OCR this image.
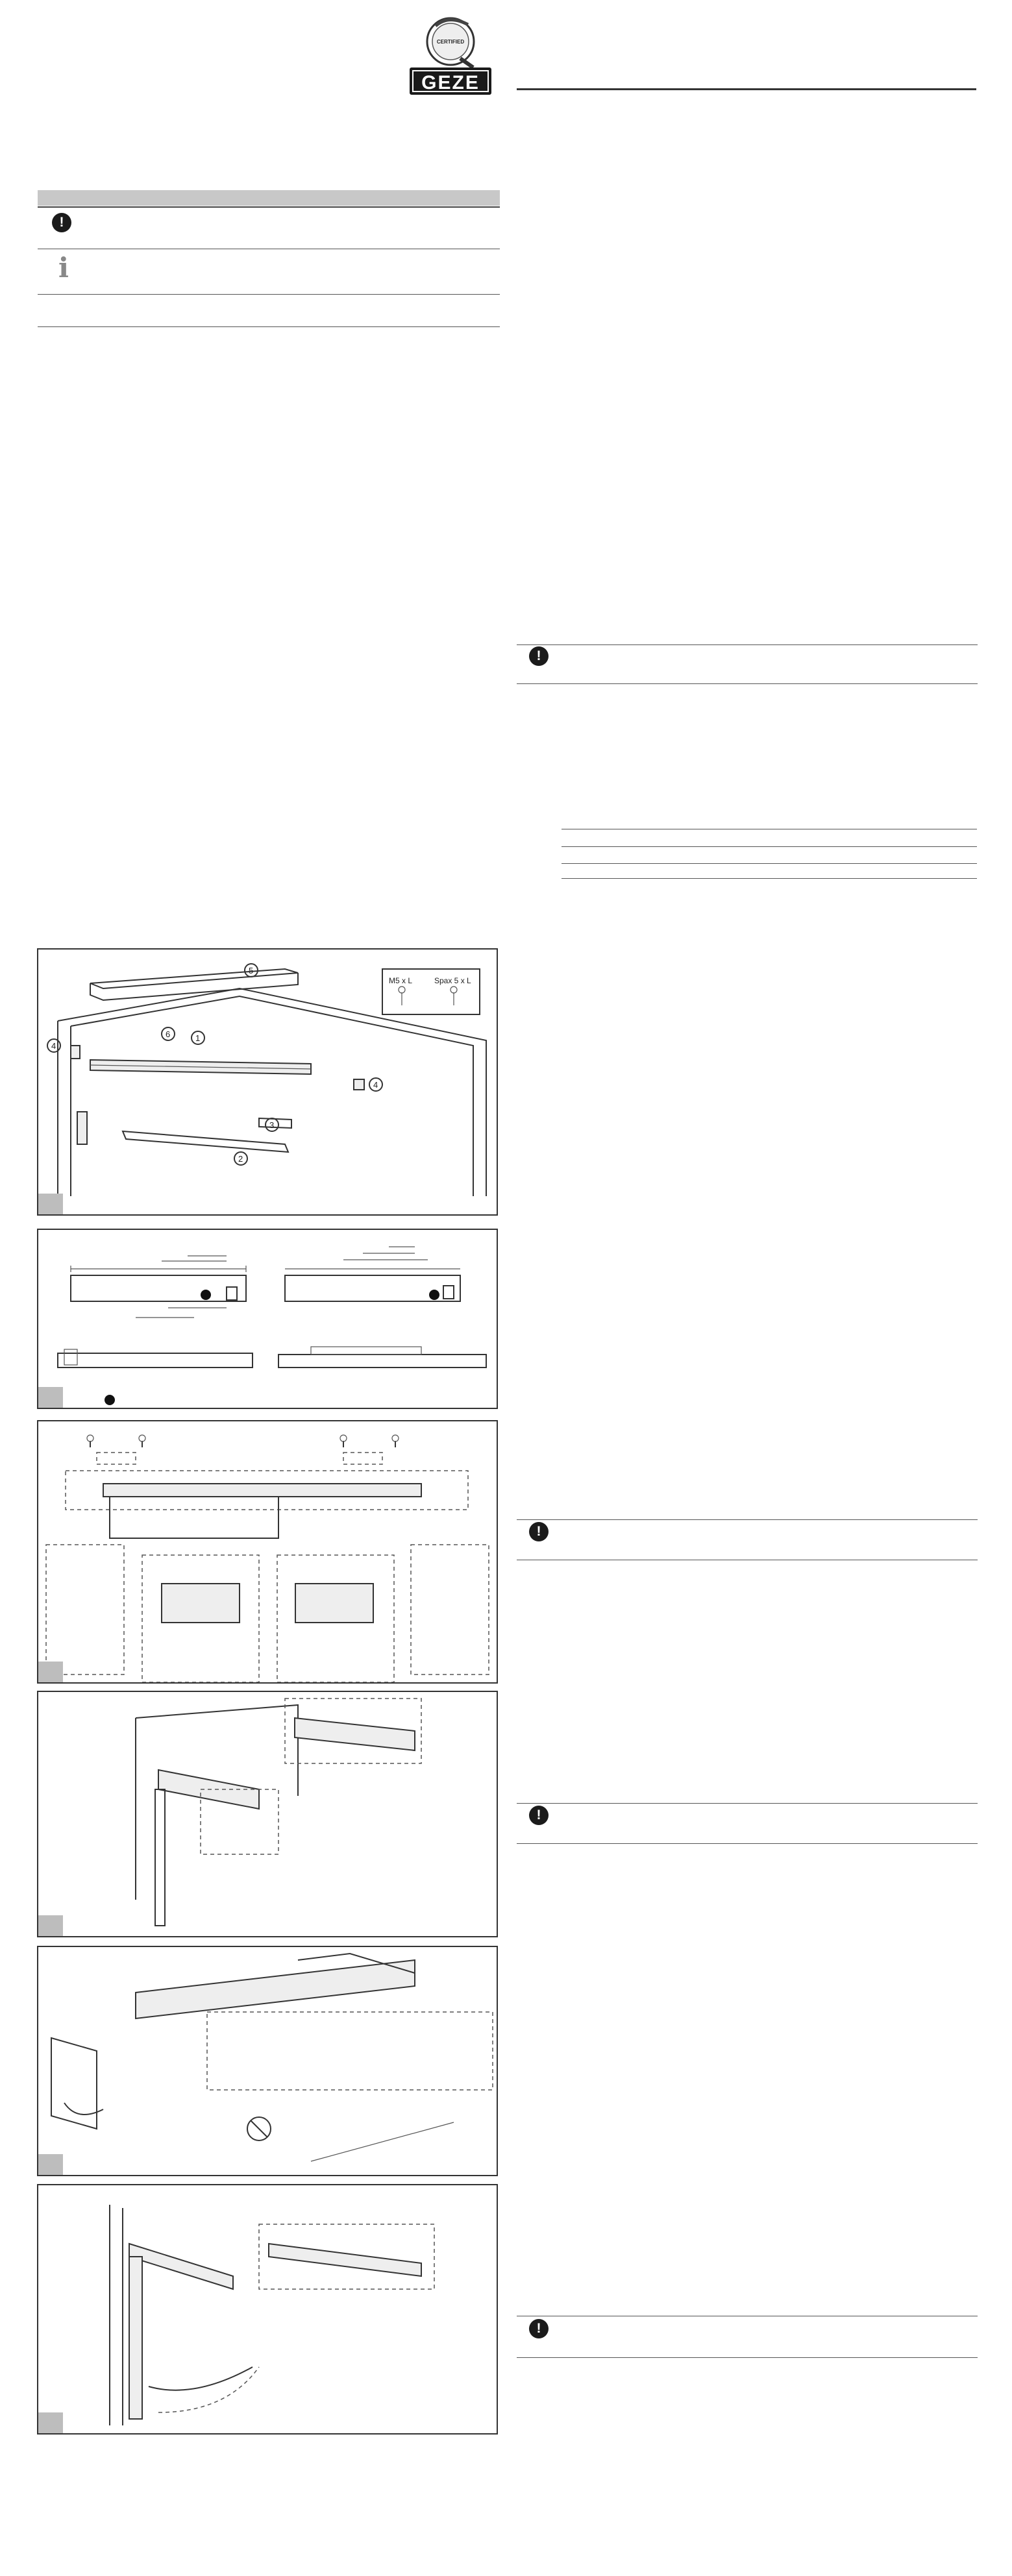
CERTIFIED
GEZE
!
i
!
!
!
!
M5 x L	Spax 5 x L
5
1
6
4
4
3
2
